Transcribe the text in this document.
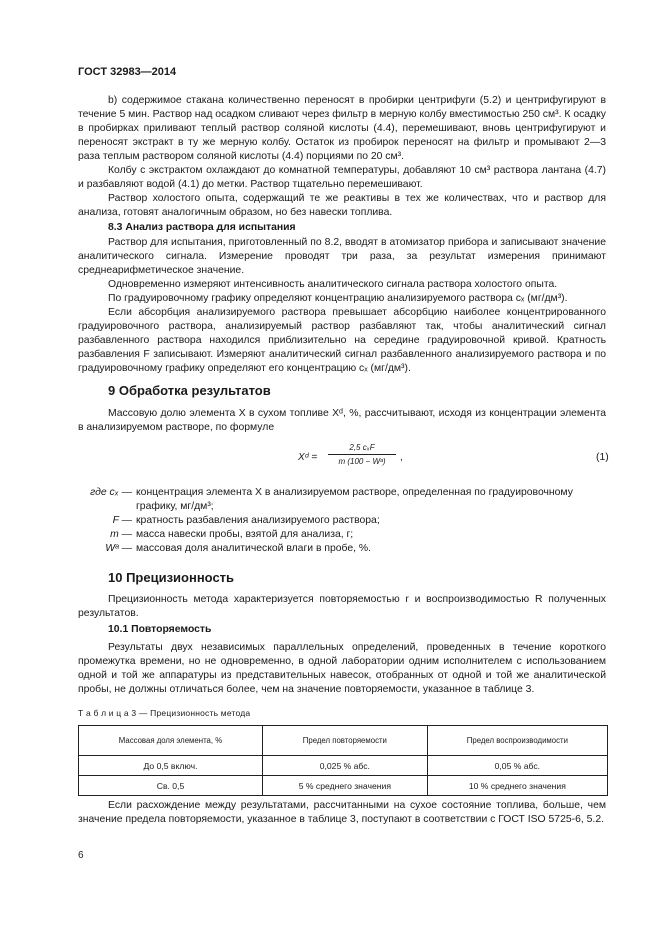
ГОСТ 32983—2014

b) содержимое стакана количественно переносят в пробирки центрифуги (5.2) и центрифугируют в течение 5 мин. Раствор над осадком сливают через фильтр в мерную колбу вместимостью 250 см³. К осадку в пробирках приливают теплый раствор соляной кислоты (4.4), перемешивают, вновь центрифугируют и переносят экстракт в ту же мерную колбу. Остаток из пробирок переносят на фильтр и промывают 2—3 раза теплым раствором соляной кислоты (4.4) порциями по 20 см³.

Колбу с экстрактом охлаждают до комнатной температуры, добавляют 10 см³ раствора лантана (4.7) и разбавляют водой (4.1) до метки. Раствор тщательно перемешивают.

Раствор холостого опыта, содержащий те же реактивы в тех же количествах, что и раствор для анализа, готовят аналогичным образом, но без навески топлива.

8.3 Анализ раствора для испытания

Раствор для испытания, приготовленный по 8.2, вводят в атомизатор прибора и записывают значение аналитического сигнала. Измерение проводят три раза, за результат измерения принимают среднеарифметическое значение.

Одновременно измеряют интенсивность аналитического сигнала раствора холостого опыта.

По градуировочному графику определяют концентрацию анализируемого раствора cₓ (мг/дм³).

Если абсорбция анализируемого раствора превышает абсорбцию наиболее концентрированного градуировочного раствора, анализируемый раствор разбавляют так, чтобы аналитический сигнал разбавленного раствора находился приблизительно на середине градуировочной кривой. Кратность разбавления F записывают. Измеряют аналитический сигнал разбавленного анализируемого раствора и по градуировочному графику определяют его концентрацию cₓ (мг/дм³).

9 Обработка результатов

Массовую долю элемента X в сухом топливе Xᵈ, %, рассчитывают, исходя из концентрации элемента в анализируемом растворе, по формуле

Xᵈ =
2,5 cₓF
m (100 − Wᵃ)	,	(1)
где cₓ — концентрация элемента X в анализируемом растворе, определенная по градуировочному графику, мг/дм³;
F — кратность разбавления анализируемого раствора;
m — масса навески пробы, взятой для анализа, г;
Wᵃ — массовая доля аналитической влаги в пробе, %.
10 Прецизионность

Прецизионность метода характеризуется повторяемостью r и воспроизводимостью R полученных результатов.

10.1 Повторяемость

Результаты двух независимых параллельных определений, проведенных в течение короткого промежутка времени, но не одновременно, в одной лаборатории одним исполнителем с использованием одной и той же аппаратуры из представительных навесок, отобранных от одной и той же аналитической пробы, не должны отличаться более, чем на значение повторяемости, указанное в таблице 3.

Т а б л и ц а 3 — Прецизионность метода
Массовая доля элемента, %	Предел повторяемости	Предел воспроизводимости
До 0,5 включ.	0,025 % абс.	0,05 % абс.
Св. 0,5	5 % среднего значения	10 % среднего значения

Если расхождение между результатами, рассчитанными на сухое состояние топлива, больше, чем значение предела повторяемости, указанное в таблице 3, поступают в соответствии с ГОСТ ISO 5725-6, 5.2.

6
